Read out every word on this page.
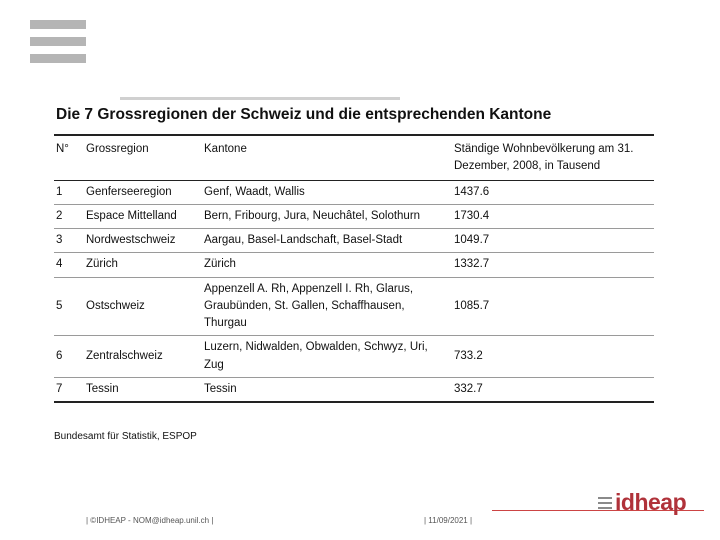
Die 7 Grossregionen der Schweiz und die entsprechenden Kantone
N°	Grossregion	Kantone	Ständige Wohnbevölkerung am 31. Dezember, 2008, in Tausend
1	Genferseeregion	Genf, Waadt, Wallis	1437.6
2	Espace Mittelland	Bern, Fribourg, Jura, Neuchâtel, Solothurn	1730.4
3	Nordwestschweiz	Aargau, Basel-Landschaft, Basel-Stadt	1049.7
4	Zürich	Zürich	1332.7
5	Ostschweiz	Appenzell A. Rh, Appenzell I. Rh, Glarus, Graubünden, St. Gallen, Schaffhausen, Thurgau	1085.7
6	Zentralschweiz	Luzern, Nidwalden, Obwalden, Schwyz, Uri, Zug	733.2
7	Tessin	Tessin	332.7
Bundesamt für Statistik, ESPOP
| ©IDHEAP - NOM@idheap.unil.ch |	| 11/09/2021 |
idheap
